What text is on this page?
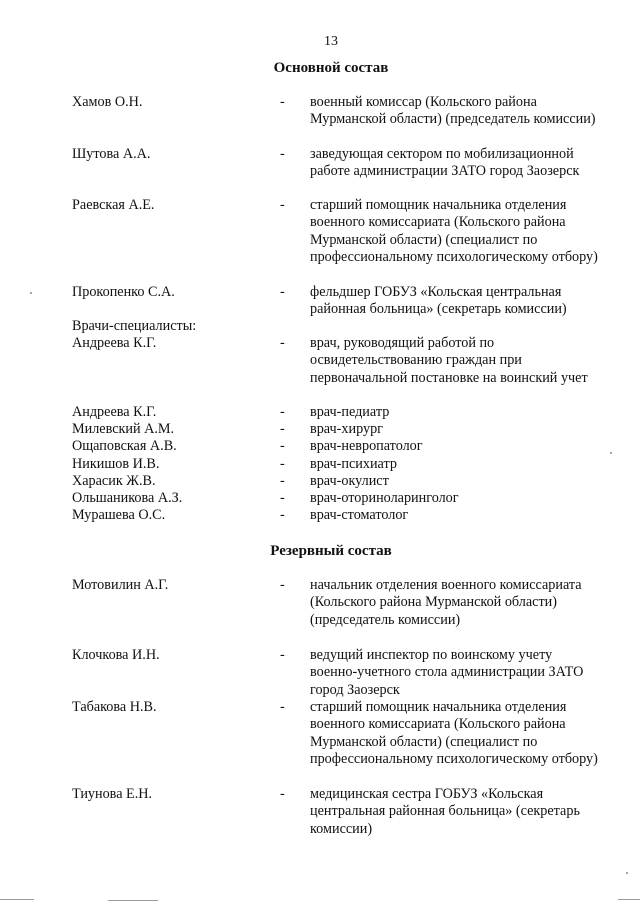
13
Основной состав
Хамов О.Н.	- военный комиссар (Кольского района Мурманской области) (председатель комиссии)
Шутова А.А.	- заведующая сектором по мобилизационной работе администрации ЗАТО город Заозерск
Раевская А.Е.	- старший помощник начальника отделения военного комиссариата (Кольского района Мурманской области) (специалист по профессиональному психологическому отбору)
Прокопенко С.А.	- фельдшер ГОБУЗ «Кольская центральная районная больница» (секретарь комиссии)
Врачи-специалисты:
Андреева К.Г.	- врач, руководящий работой по освидетельствованию граждан при первоначальной постановке на воинский учет
Андреева К.Г.	- врач-педиатр
Милевский А.М.	- врач-хирург
Ощаповская А.В.	- врач-невропатолог
Никишов И.В.	- врач-психиатр
Харасик Ж.В.	- врач-окулист
Ольшаникова А.З.	- врач-оториноларинголог
Мурашева О.С.	- врач-стоматолог
Резервный состав
Мотовилин А.Г.	- начальник отделения военного комиссариата (Кольского района Мурманской области) (председатель комиссии)
Клочкова И.Н.	- ведущий инспектор по воинскому учету военно-учетного стола администрации ЗАТО город Заозерск
Табакова Н.В.	- старший помощник начальника отделения военного комиссариата (Кольского района Мурманской области) (специалист по профессиональному психологическому отбору)
Тиунова Е.Н.	- медицинская сестра ГОБУЗ «Кольская центральная районная больница» (секретарь комиссии)
